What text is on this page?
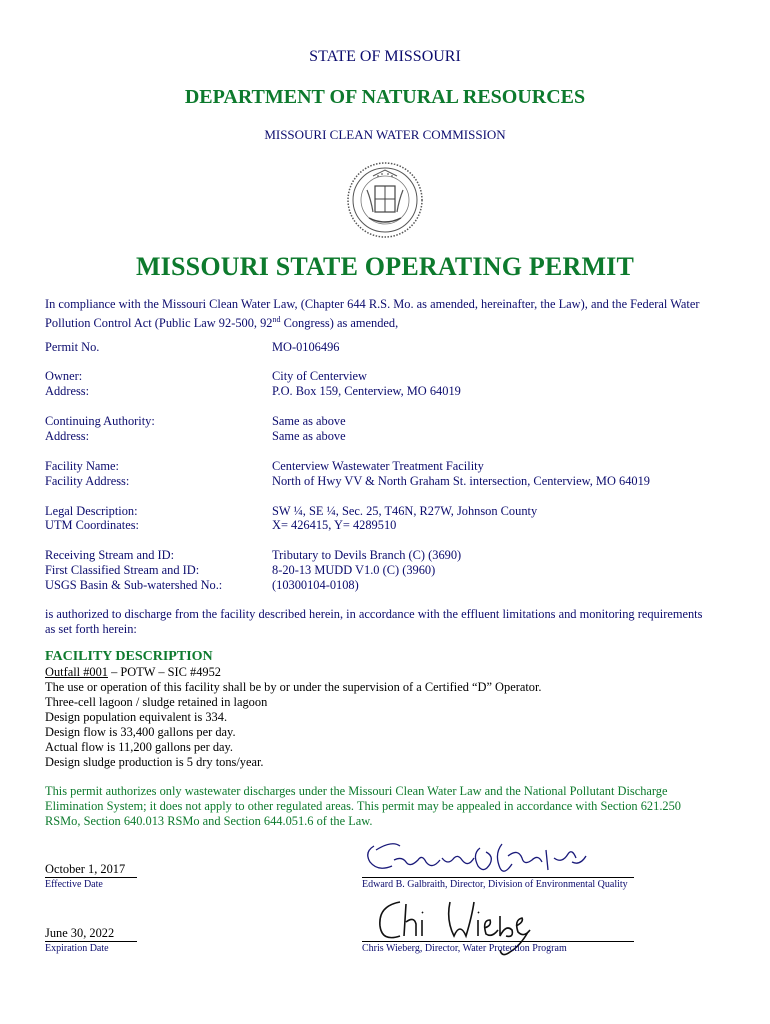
STATE OF MISSOURI
DEPARTMENT OF NATURAL RESOURCES
MISSOURI CLEAN WATER COMMISSION
MISSOURI STATE OPERATING PERMIT
In compliance with the Missouri Clean Water Law, (Chapter 644 R.S. Mo. as amended, hereinafter, the Law), and the Federal Water
Pollution Control Act (Public Law 92-500, 92nd Congress) as amended,
Permit No.	MO-0106496
Owner:	City of Centerview
Address:	P.O. Box 159, Centerview, MO 64019
Continuing Authority:	Same as above
Address:	Same as above
Facility Name:	Centerview Wastewater Treatment Facility
Facility Address:	North of Hwy VV & North Graham St. intersection, Centerview, MO 64019
Legal Description:	SW ¼, SE ¼, Sec. 25, T46N, R27W, Johnson County
UTM Coordinates:	X= 426415, Y= 4289510
Receiving Stream and ID:	Tributary to Devils Branch (C) (3690)
First Classified Stream and ID:	8-20-13 MUDD V1.0 (C) (3960)
USGS Basin & Sub-watershed No.:	(10300104-0108)
is authorized to discharge from the facility described herein, in accordance with the effluent limitations and monitoring requirements
as set forth herein:
FACILITY DESCRIPTION
Outfall #001 – POTW – SIC #4952
The use or operation of this facility shall be by or under the supervision of a Certified “D” Operator.
Three-cell lagoon / sludge retained in lagoon
Design population equivalent is 334.
Design flow is 33,400 gallons per day.
Actual flow is 11,200 gallons per day.
Design sludge production is 5 dry tons/year.
This permit authorizes only wastewater discharges under the Missouri Clean Water Law and the National Pollutant Discharge
Elimination System; it does not apply to other regulated areas. This permit may be appealed in accordance with Section 621.250
RSMo, Section 640.013 RSMo and Section 644.051.6 of the Law.
October 1, 2017
Effective Date	Edward B. Galbraith, Director, Division of Environmental Quality
June 30, 2022
Expiration Date	Chris Wieberg, Director, Water Protection Program
